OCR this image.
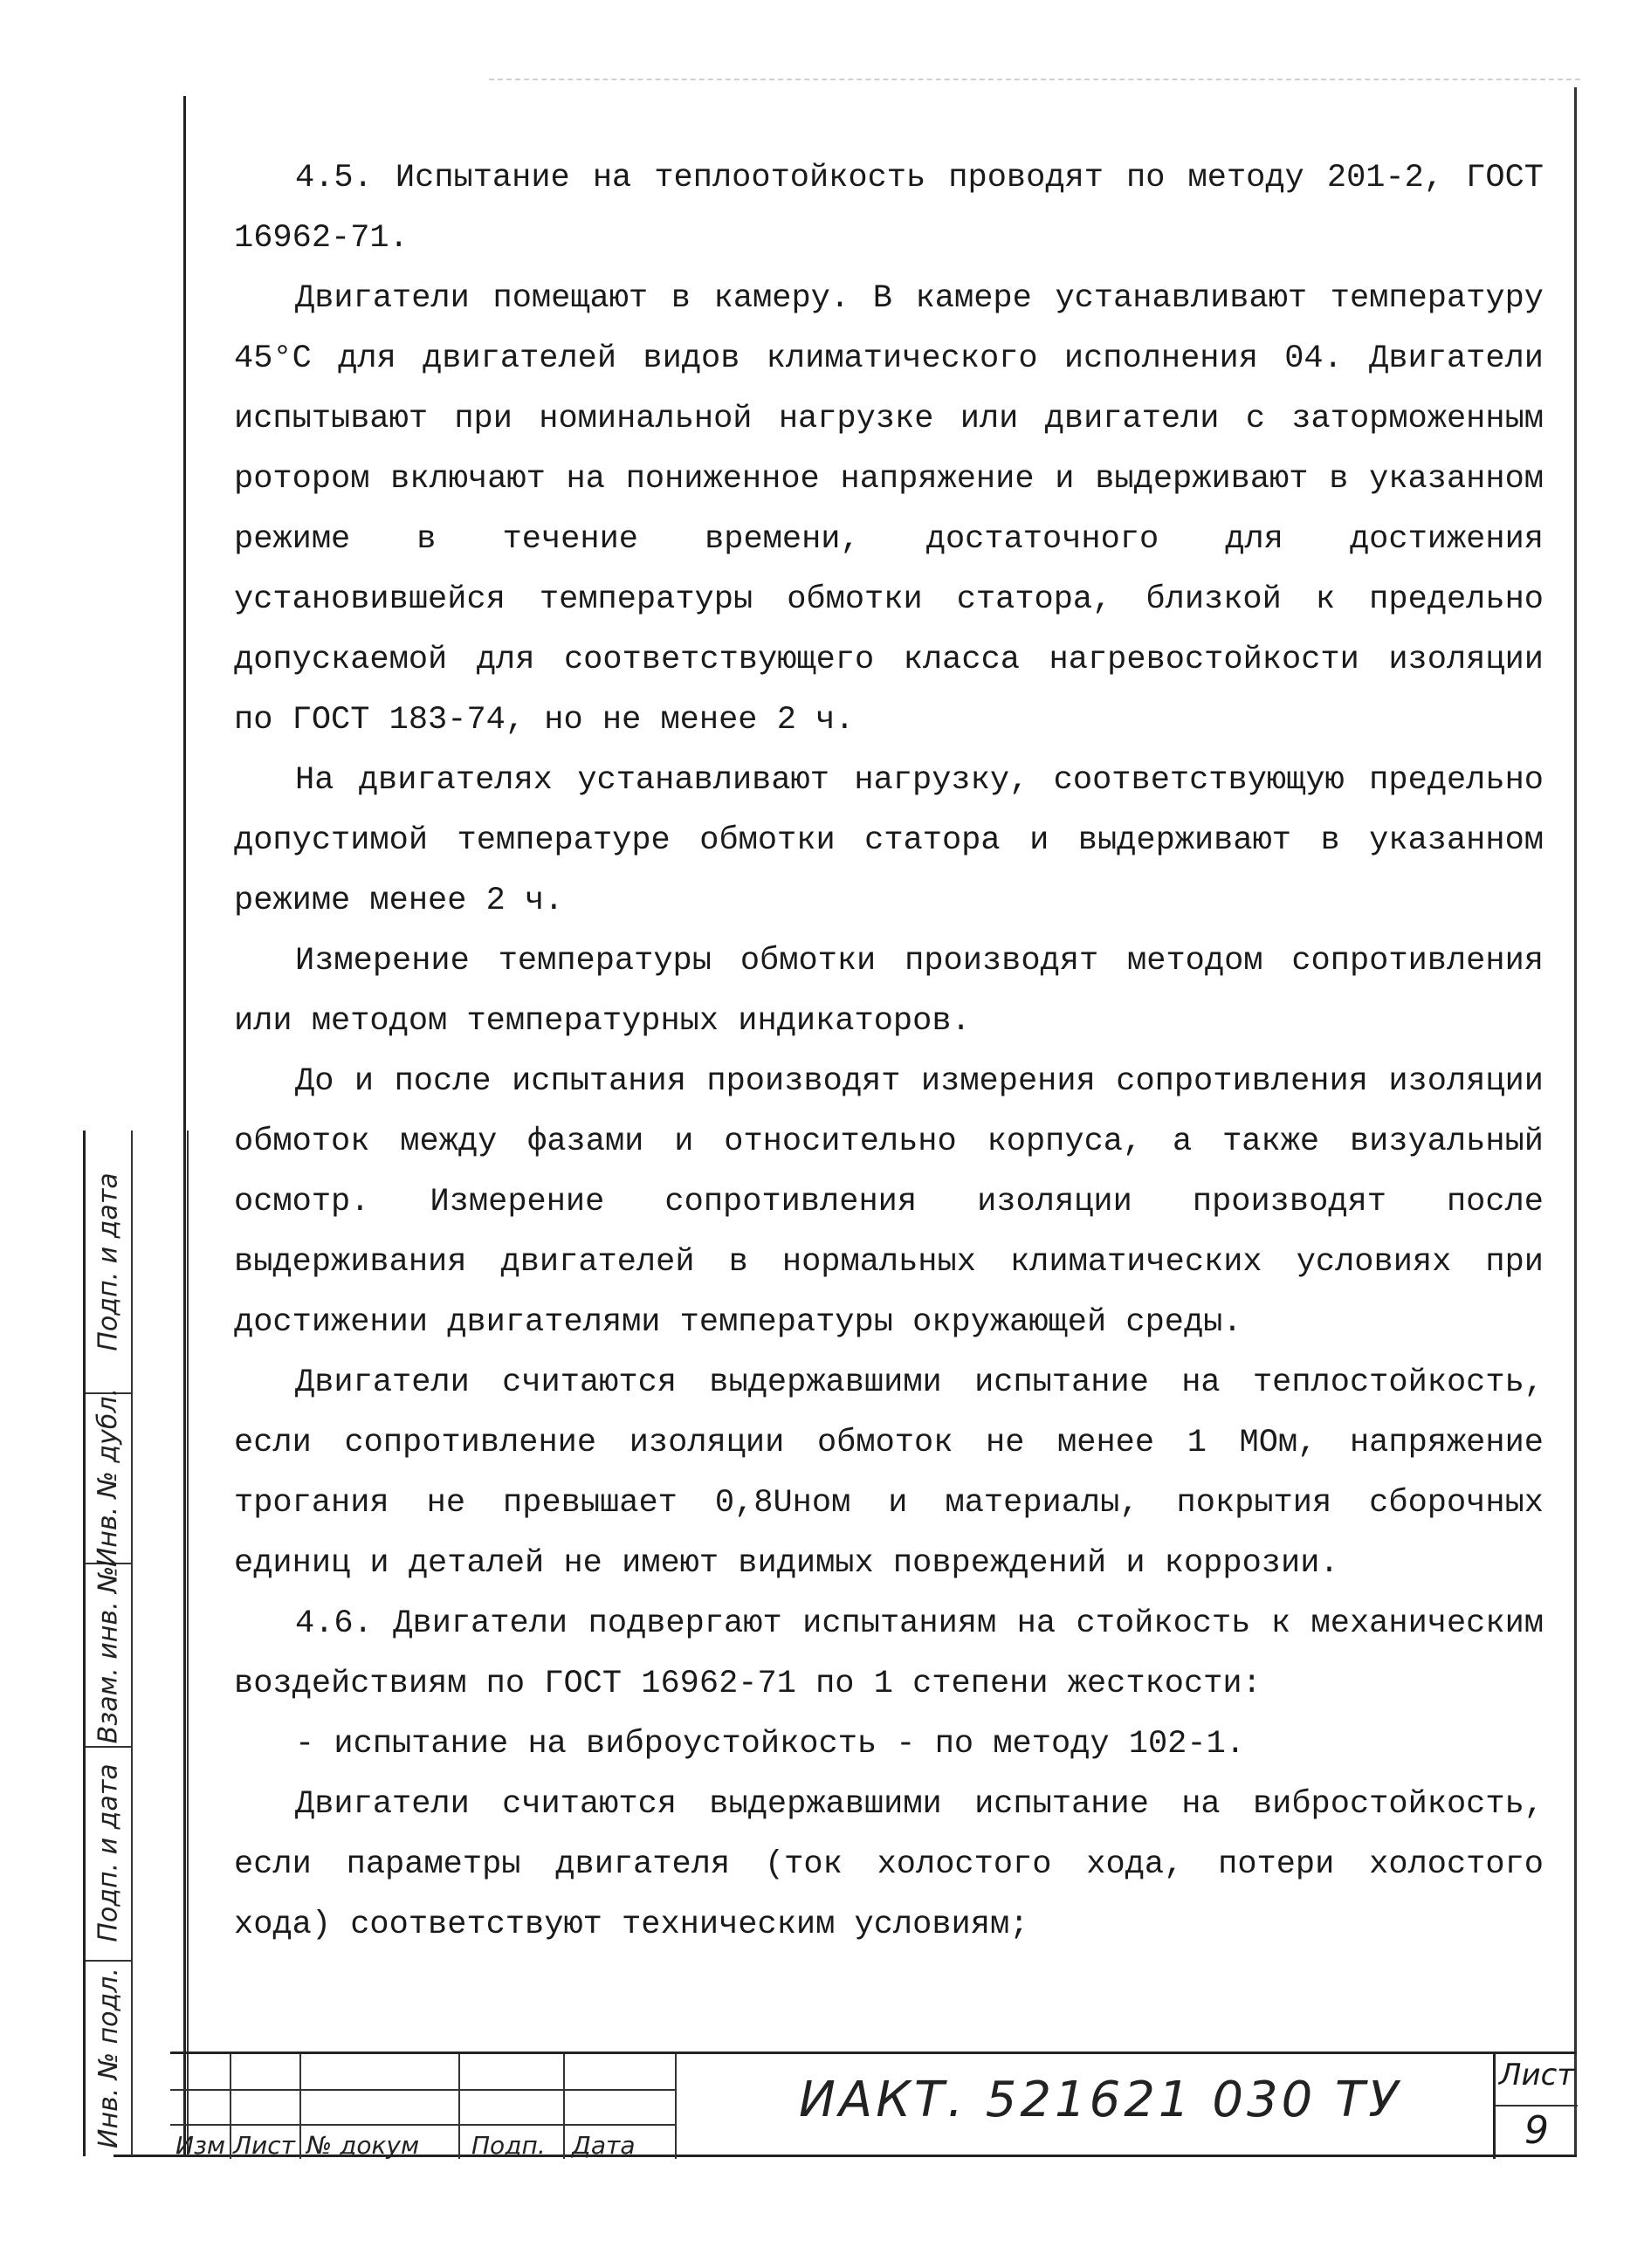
4.5. Испытание на теплоотойкость проводят по методу 201-2, ГОСТ 16962-71.

Двигатели помещают в камеру. В камере устанавливают температуру 45°С для двигателей видов климатического исполнения 04. Двигатели испытывают при номинальной нагрузке или двигатели с заторможенным ротором включают на пониженное напряжение и выдерживают в указанном режиме в течение времени, достаточного для достижения установившейся температуры обмотки статора, близкой к предельно допускаемой для соответствующего класса нагревостойкости изоляции по ГОСТ 183-74, но не менее 2 ч.

На двигателях устанавливают нагрузку, соответствующую предельно допустимой температуре обмотки статора и выдерживают в указанном режиме менее 2 ч.

Измерение температуры обмотки производят методом сопротивления или методом температурных индикаторов.

До и после испытания производят измерения сопротивления изоляции обмоток между фазами и относительно корпуса, а также визуальный осмотр. Измерение сопротивления изоляции производят после выдерживания двигателей в нормальных климатических условиях при достижении двигателями температуры окружающей среды.

Двигатели считаются выдержавшими испытание на теплостойкость, если сопротивление изоляции обмоток не менее 1 МОм, напряжение трогания не превышает 0,8Uном и материалы, покрытия сборочных единиц и деталей не имеют видимых повреждений и коррозии.

4.6. Двигатели подвергают испытаниям на стойкость к механическим воздействиям по ГОСТ 16962-71 по 1 степени жесткости:

- испытание на виброустойкость - по методу 102-1.

Двигатели считаются выдержавшими испытание на вибростойкость, если параметры двигателя (ток холостого хода, потери холостого хода) соответствуют техническим условиям;

Подп. и дата
Инв. № дубл.
Взам. инв. №
Подп. и дата
Инв. № подл. Изм Лист № докум Подп. Дата
ИАКТ. 521621 030 ТУ	Лист
9
